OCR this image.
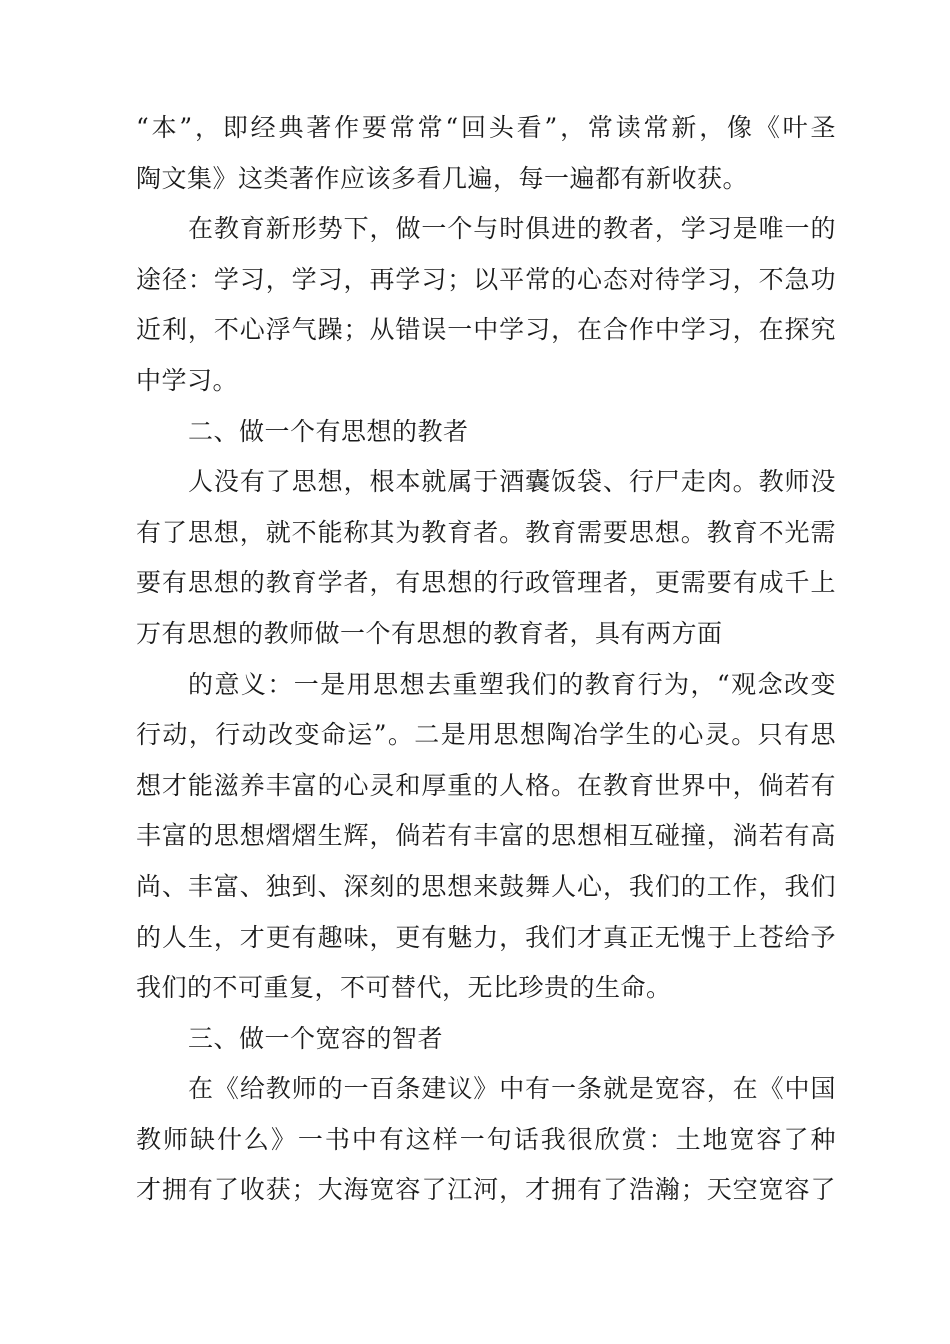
“本”，即经典著作要常常“回头看”，常读常新，像《叶圣
陶文集》这类著作应该多看几遍，每一遍都有新收获。
在教育新形势下，做一个与时俱进的教者，学习是唯一的
途径：学习，学习，再学习；以平常的心态对待学习，不急功
近利，不心浮气躁；从错误一中学习，在合作中学习，在探究
中学习。
二、做一个有思想的教者
人没有了思想，根本就属于酒囊饭袋、行尸走肉。教师没
有了思想，就不能称其为教育者。教育需要思想。教育不光需
要有思想的教育学者，有思想的行政管理者，更需要有成千上
万有思想的教师做一个有思想的教育者，具有两方面
的意义：一是用思想去重塑我们的教育行为，“观念改变
行动，行动改变命运”。二是用思想陶冶学生的心灵。只有思
想才能滋养丰富的心灵和厚重的人格。在教育世界中，倘若有
丰富的思想熠熠生辉，倘若有丰富的思想相互碰撞，淌若有高
尚、丰富、独到、深刻的思想来鼓舞人心，我们的工作，我们
的人生，才更有趣味，更有魅力，我们才真正无愧于上苍给予
我们的不可重复，不可替代，无比珍贵的生命。
三、做一个宽容的智者
在《给教师的一百条建议》中有一条就是宽容，在《中国
教师缺什么》一书中有这样一句话我很欣赏：土地宽容了种
才拥有了收获；大海宽容了江河，才拥有了浩瀚；天空宽容了
